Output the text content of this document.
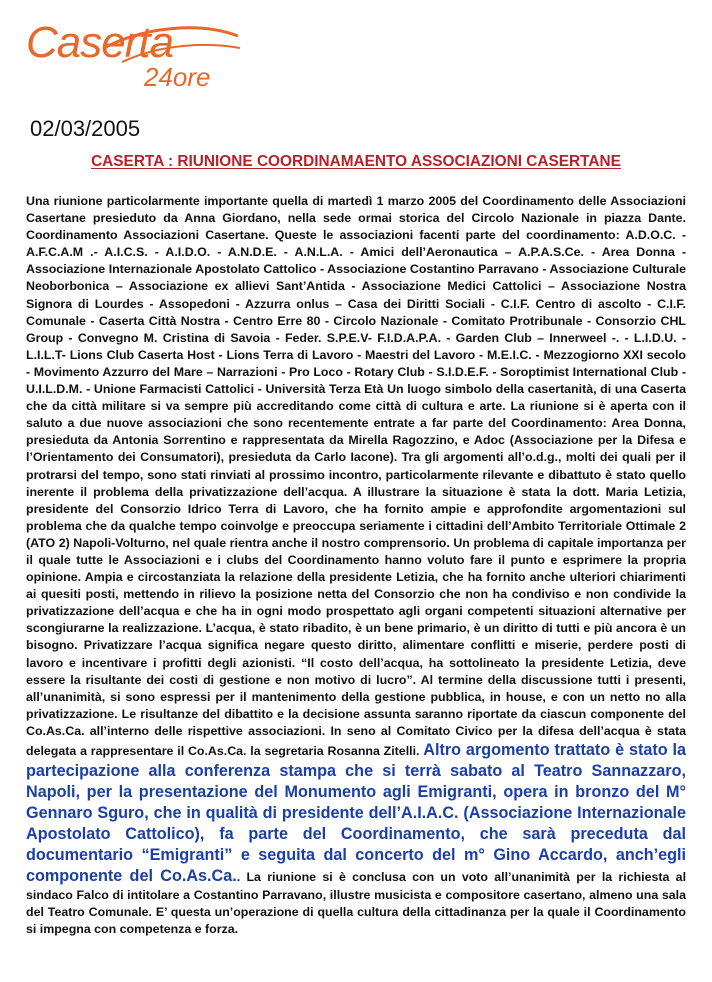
Caserta
24ore
02/03/2005
CASERTA : RIUNIONE COORDINAMAENTO ASSOCIAZIONI CASERTANE
Una riunione particolarmente importante quella di martedì 1 marzo 2005 del Coordinamento delle Associazioni Casertane presieduto da Anna Giordano, nella sede ormai storica del Circolo Nazionale in piazza Dante. Coordinamento Associazioni Casertane. Queste le associazioni facenti parte del coordinamento: A.D.O.C. - A.F.C.A.M .- A.I.C.S. - A.I.D.O. - A.N.D.E. - A.N.L.A. - Amici dell’Aeronautica – A.P.A.S.Ce. - Area Donna - Associazione Internazionale Apostolato Cattolico - Associazione Costantino Parravano - Associazione Culturale Neoborbonica – Associazione ex allievi Sant’Antida - Associazione Medici Cattolici – Associazione Nostra Signora di Lourdes - Assopedoni - Azzurra onlus – Casa dei Diritti Sociali - C.I.F. Centro di ascolto - C.I.F. Comunale - Caserta Città Nostra - Centro Erre 80 - Circolo Nazionale - Comitato Protribunale - Consorzio CHL Group - Convegno M. Cristina di Savoia - Feder. S.P.E.V- F.I.D.A.P.A. - Garden Club – Innerweel -. - L.I.D.U. - L.I.L.T- Lions Club Caserta Host - Lions Terra di Lavoro - Maestri del Lavoro - M.E.I.C. - Mezzogiorno XXI secolo - Movimento Azzurro del Mare – Narrazioni - Pro Loco - Rotary Club - S.I.D.E.F. - Soroptimist International Club - U.I.L.D.M. - Unione Farmacisti Cattolici - Università Terza Età Un luogo simbolo della casertanità, di una Caserta che da città militare si va sempre più accreditando come città di cultura e arte. La riunione si è aperta con il saluto a due nuove associazioni che sono recentemente entrate a far parte del Coordinamento: Area Donna, presieduta da Antonia Sorrentino e rappresentata da Mirella Ragozzino, e Adoc (Associazione per la Difesa e l’Orientamento dei Consumatori), presieduta da Carlo Iacone). Tra gli argomenti all’o.d.g., molti dei quali per il protrarsi del tempo, sono stati rinviati al prossimo incontro, particolarmente rilevante e dibattuto è stato quello inerente il problema della privatizzazione dell’acqua. A illustrare la situazione è stata la dott. Maria Letizia, presidente del Consorzio Idrico Terra di Lavoro, che ha fornito ampie e approfondite argomentazioni sul problema che da qualche tempo coinvolge e preoccupa seriamente i cittadini dell’Ambito Territoriale Ottimale 2 (ATO 2) Napoli-Volturno, nel quale rientra anche il nostro comprensorio. Un problema di capitale importanza per il quale tutte le Associazioni e i clubs del Coordinamento hanno voluto fare il punto e esprimere la propria opinione. Ampia e circostanziata la relazione della presidente Letizia, che ha fornito anche ulteriori chiarimenti ai quesiti posti, mettendo in rilievo la posizione netta del Consorzio che non ha condiviso e non condivide la privatizzazione dell’acqua e che ha in ogni modo prospettato agli organi competenti situazioni alternative per scongiurarne la realizzazione. L’acqua, è stato ribadito, è un bene primario, è un diritto di tutti e più ancora è un bisogno. Privatizzare l’acqua significa negare questo diritto, alimentare conflitti e miserie, perdere posti di lavoro e incentivare i profitti degli azionisti. “Il costo dell’acqua, ha sottolineato la presidente Letizia, deve essere la risultante dei costi di gestione e non motivo di lucro”. Al termine della discussione tutti i presenti, all’unanimità, si sono espressi per il mantenimento della gestione pubblica, in house, e con un netto no alla privatizzazione. Le risultanze del dibattito e la decisione assunta saranno riportate da ciascun componente del Co.As.Ca. all’interno delle rispettive associazioni. In seno al Comitato Civico per la difesa dell’acqua è stata delegata a rappresentare il Co.As.Ca. la segretaria Rosanna Zitelli. Altro argomento trattato è stato la partecipazione alla conferenza stampa che si terrà sabato al Teatro Sannazzaro, Napoli, per la presentazione del Monumento agli Emigranti, opera in bronzo del M° Gennaro Sguro, che in qualità di presidente dell’A.I.A.C. (Associazione Internazionale Apostolato Cattolico), fa parte del Coordinamento, che sarà preceduta dal documentario “Emigranti” e seguita dal concerto del m° Gino Accardo, anch’egli componente del Co.As.Ca.. La riunione si è conclusa con un voto all’unanimità per la richiesta al sindaco Falco di intitolare a Costantino Parravano, illustre musicista e compositore casertano, almeno una sala del Teatro Comunale. E’ questa un’operazione di quella cultura della cittadinanza per la quale il Coordinamento si impegna con competenza e forza.
